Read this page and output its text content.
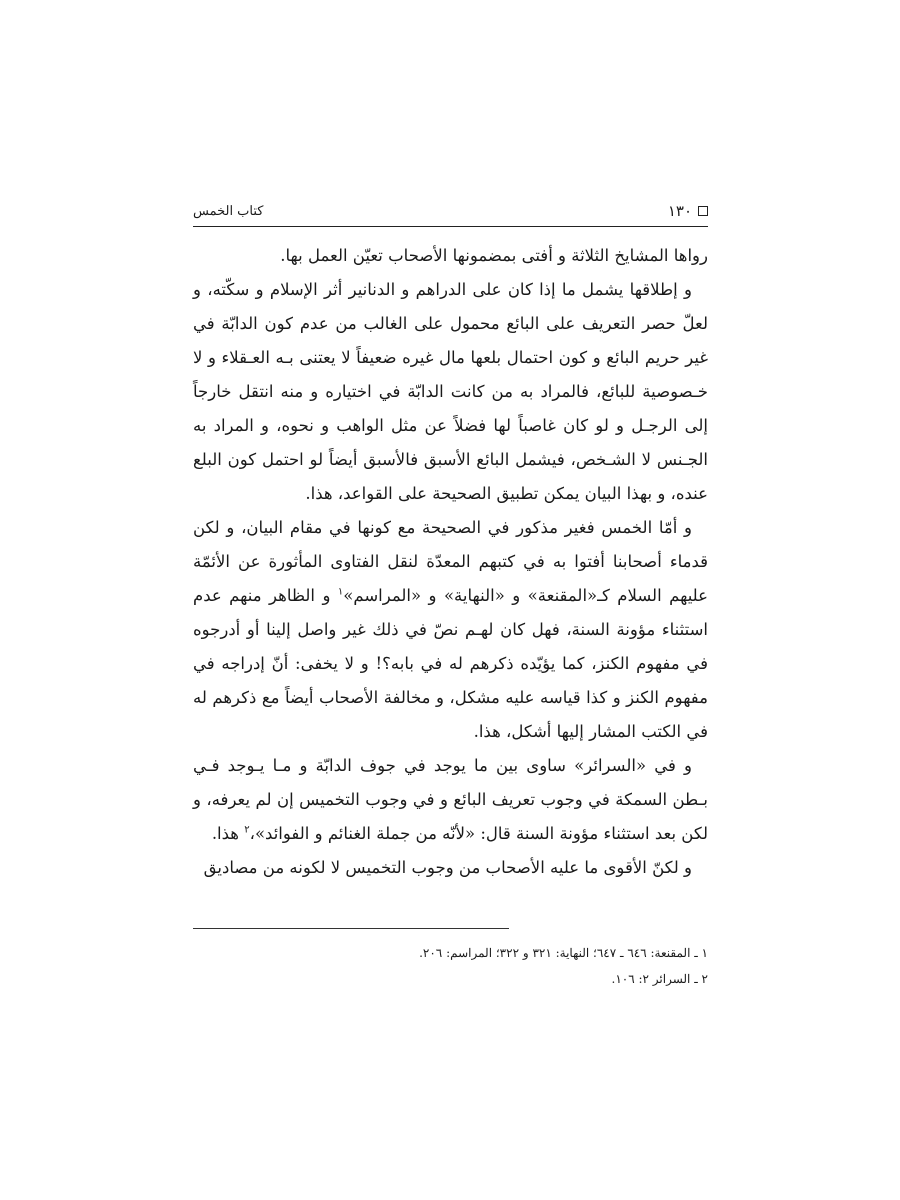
كتاب الخمس	١٣٠

رواها المشايخ الثلاثة و أفتى بمضمونها الأصحاب تعيّن العمل بها.

و إطلاقها يشمل ما إذا كان على الدراهم و الدنانير أثر الإسلام و سكّته، و لعلّ حصر التعريف على البائع محمول على الغالب من عدم كون الدابّة في غير حريم البائع و كون احتمال بلعها مال غيره ضعيفاً لا يعتنى بـه العـقلاء و لا خـصوصية للبائع، فالمراد به من كانت الدابّة في اختياره و منه انتقل خارجاً إلى الرجـل و لو كان غاصباً لها فضلاً عن مثل الواهب و نحوه، و المراد به الجـنس لا الشـخص، فيشمل البائع الأسبق فالأسبق أيضاً لو احتمل كون البلع عنده، و بهذا البيان يمكن تطبيق الصحيحة على القواعد، هذا.

و أمّا الخمس فغير مذكور في الصحيحة مع كونها في مقام البيان، و لكن قدماء أصحابنا أفتوا به في كتبهم المعدّة لنقل الفتاوى المأثورة عن الأئمّة عليهم السلام كـ«المقنعة» و «النهاية» و «المراسم»$^١$ و الظاهر منهم عدم استثناء مؤونة السنة، فهل كان لهـم نصّ في ذلك غير واصل إلينا أو أدرجوه في مفهوم الكنز، كما يؤيّده ذكرهم له في بابه؟! و لا يخفى: أنّ إدراجه في مفهوم الكنز و كذا قياسه عليه مشكل، و مخالفة الأصحاب أيضاً مع ذكرهم له في الكتب المشار إليها أشكل، هذا.

و في «السرائر» ساوى بين ما يوجد في جوف الدابّة و مـا يـوجد فـي بـطن السمكة في وجوب تعريف البائع و في وجوب التخميس إن لم يعرفه، و لكن بعد استثناء مؤونة السنة قال: «لأنّه من جملة الغنائم و الفوائد»،$^٢$ هذا.

و لكنّ الأقوى ما عليه الأصحاب من وجوب التخميس لا لكونه من مصاديق

١ ـ المقنعة: ٦٤٦ ـ ٦٤٧؛ النهاية: ٣٢١ و ٣٢٢؛ المراسم: ٢٠٦.

٢ ـ السرائر ٢: ١٠٦.
